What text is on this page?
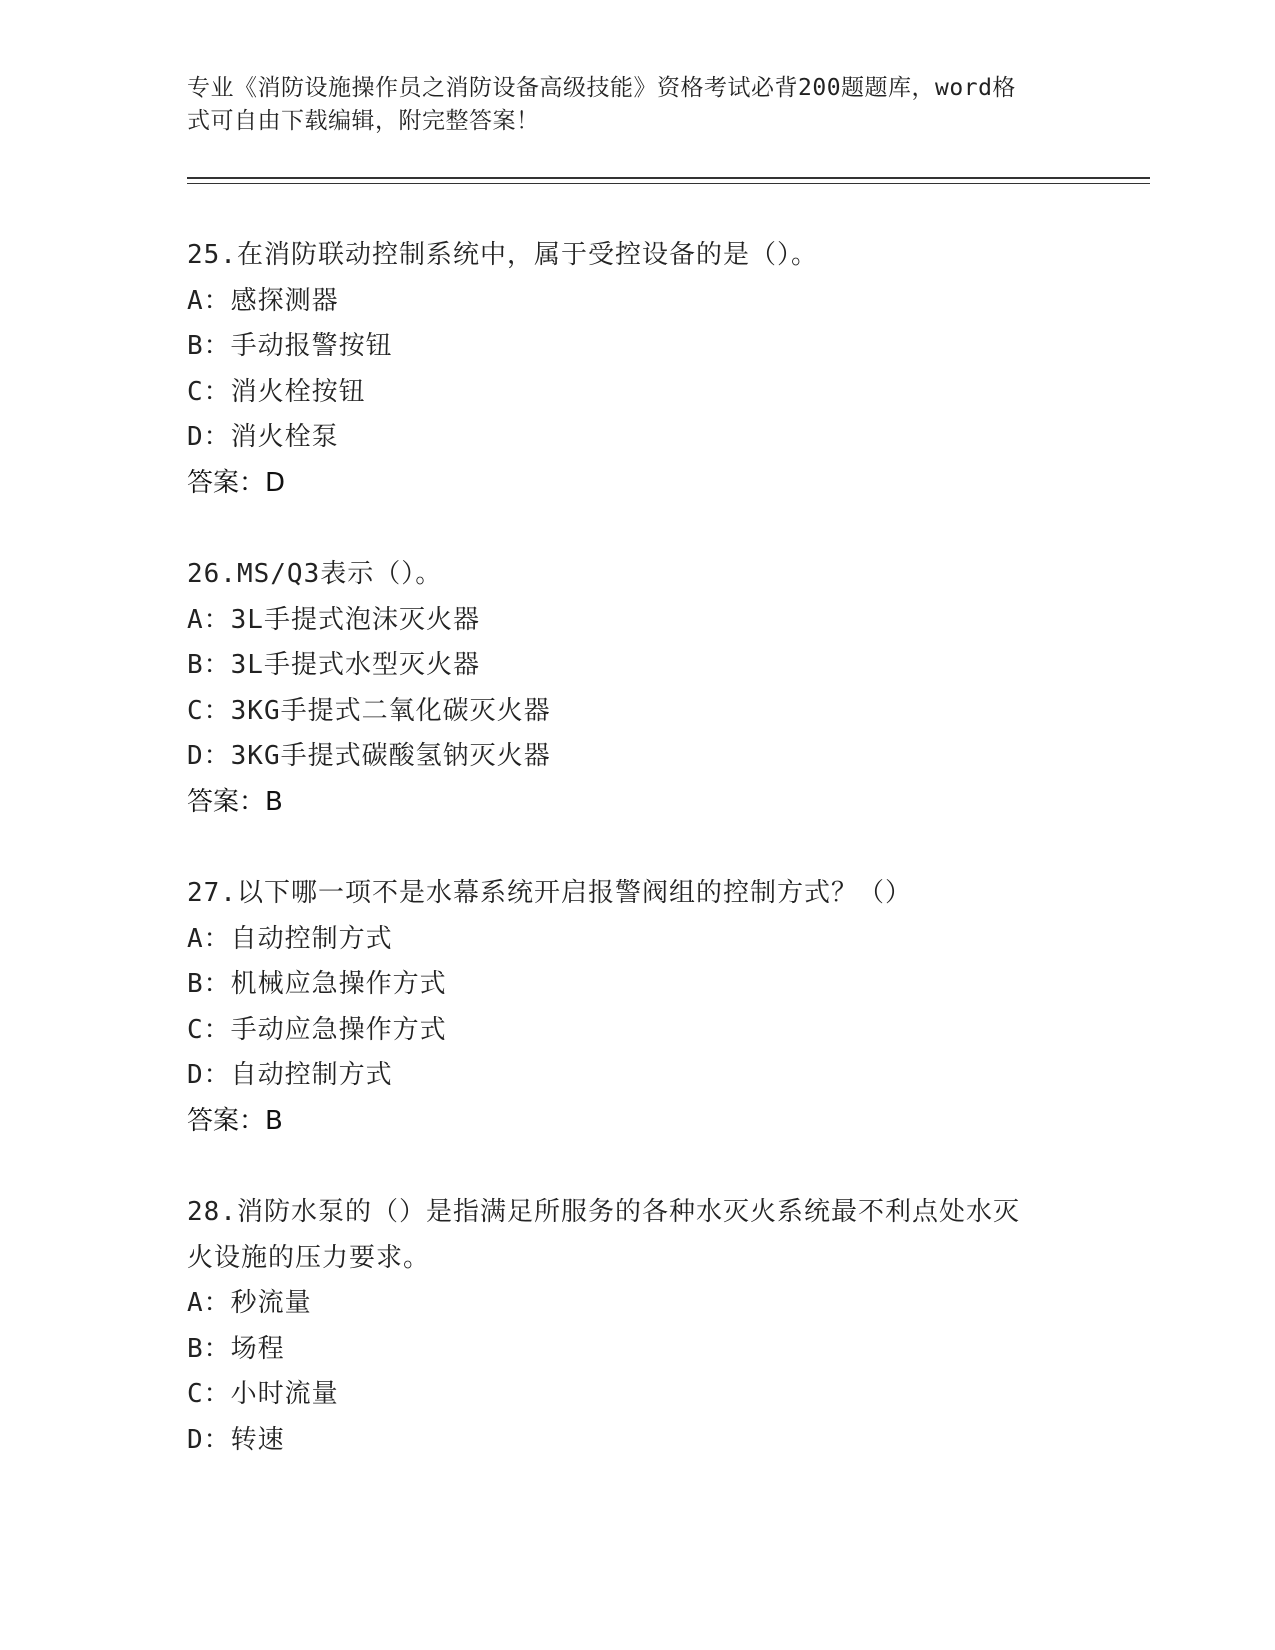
专业《消防设施操作员之消防设备高级技能》资格考试必背200题题库，word格
式可自由下载编辑，附完整答案！
25.在消防联动控制系统中，属于受控设备的是（）。
A：感探测器
B：手动报警按钮
C：消火栓按钮
D：消火栓泵
答案：D
26.MS/Q3表示（）。
A：3L手提式泡沫灭火器
B：3L手提式水型灭火器
C：3KG手提式二氧化碳灭火器
D：3KG手提式碳酸氢钠灭火器
答案：B
27.以下哪一项不是水幕系统开启报警阀组的控制方式？（）
A：自动控制方式
B：机械应急操作方式
C：手动应急操作方式
D：自动控制方式
答案：B
28.消防水泵的（）是指满足所服务的各种水灭火系统最不利点处水灭
火设施的压力要求。
A：秒流量
B：场程
C：小时流量
D：转速
